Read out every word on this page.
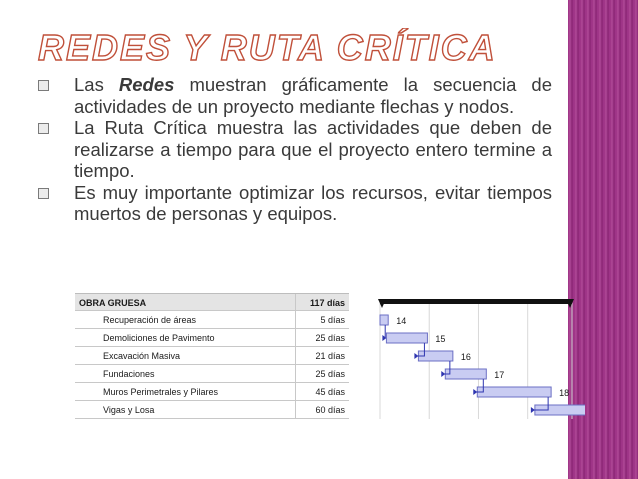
REDES Y RUTA CRÍTICA
Las Redes muestran gráficamente la secuencia de actividades de un proyecto mediante flechas y nodos.
La Ruta Crítica muestra las actividades que deben de realizarse a tiempo para que el proyecto entero termine a tiempo.
Es muy importante optimizar los recursos, evitar tiempos muertos de personas y equipos.
OBRA GRUESA	117 días
Recuperación de áreas	5 días
Demoliciones de Pavimento	25 días
Excavación Masiva	21 días
Fundaciones	25 días
Muros Perimetrales y Pilares	45 días
Vigas y Losa	60 días
14
15
16
17
18
